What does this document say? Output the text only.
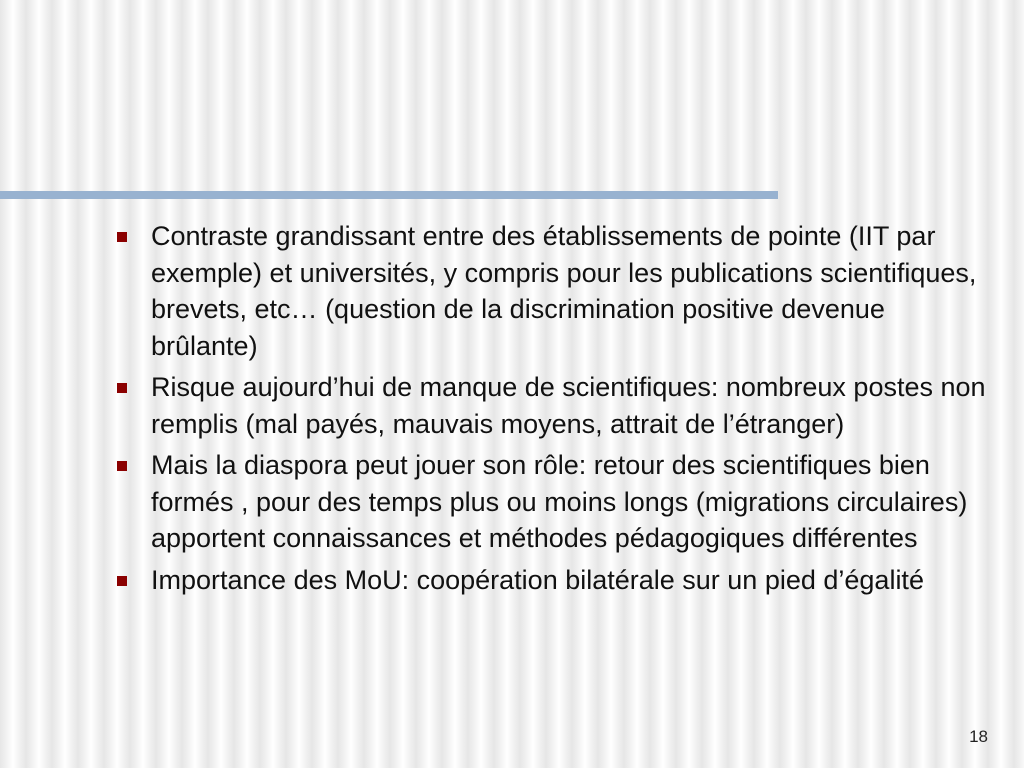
Contraste grandissant entre des établissements de pointe (IIT par exemple) et universités, y compris pour les publications scientifiques, brevets, etc… (question de la discrimination positive devenue brûlante)
Risque aujourd’hui de manque de scientifiques: nombreux postes non remplis (mal payés, mauvais moyens, attrait de l’étranger)
Mais la diaspora peut jouer son rôle: retour des scientifiques bien formés , pour des temps plus ou moins longs (migrations circulaires) apportent connaissances et méthodes pédagogiques différentes
Importance des MoU: coopération bilatérale sur un pied d’égalité
18
